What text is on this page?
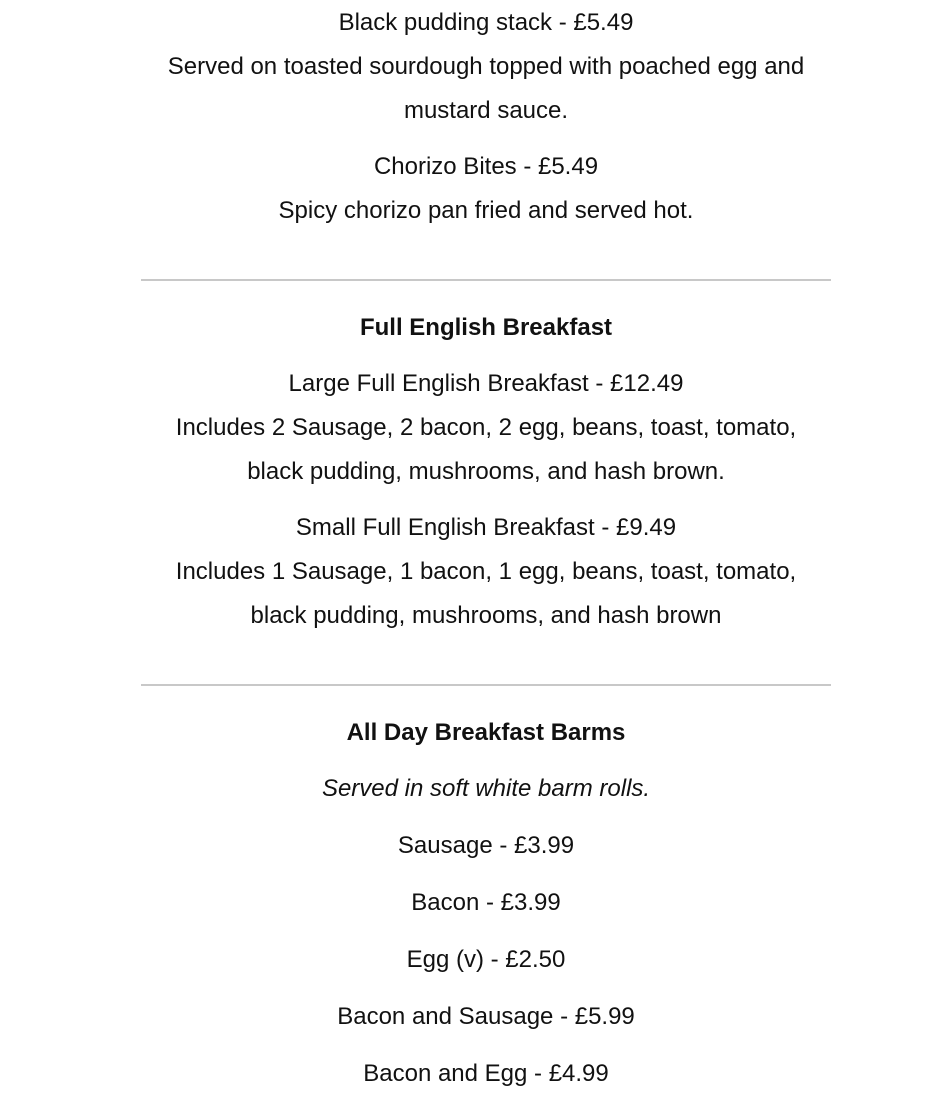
Black pudding stack - £5.49

Served on toasted sourdough topped with poached egg and

mustard sauce.

Chorizo Bites - £5.49

Spicy chorizo pan fried and served hot.

Full English Breakfast

Large Full English Breakfast - £12.49

Includes 2 Sausage, 2 bacon, 2 egg, beans, toast, tomato,

black pudding, mushrooms, and hash brown.

Small Full English Breakfast - £9.49

Includes 1 Sausage, 1 bacon, 1 egg, beans, toast, tomato,

black pudding, mushrooms, and hash brown

All Day Breakfast Barms

Served in soft white barm rolls.

Sausage - £3.99

Bacon - £3.99

Egg (v) - £2.50

Bacon and Sausage - £5.99

Bacon and Egg - £4.99
